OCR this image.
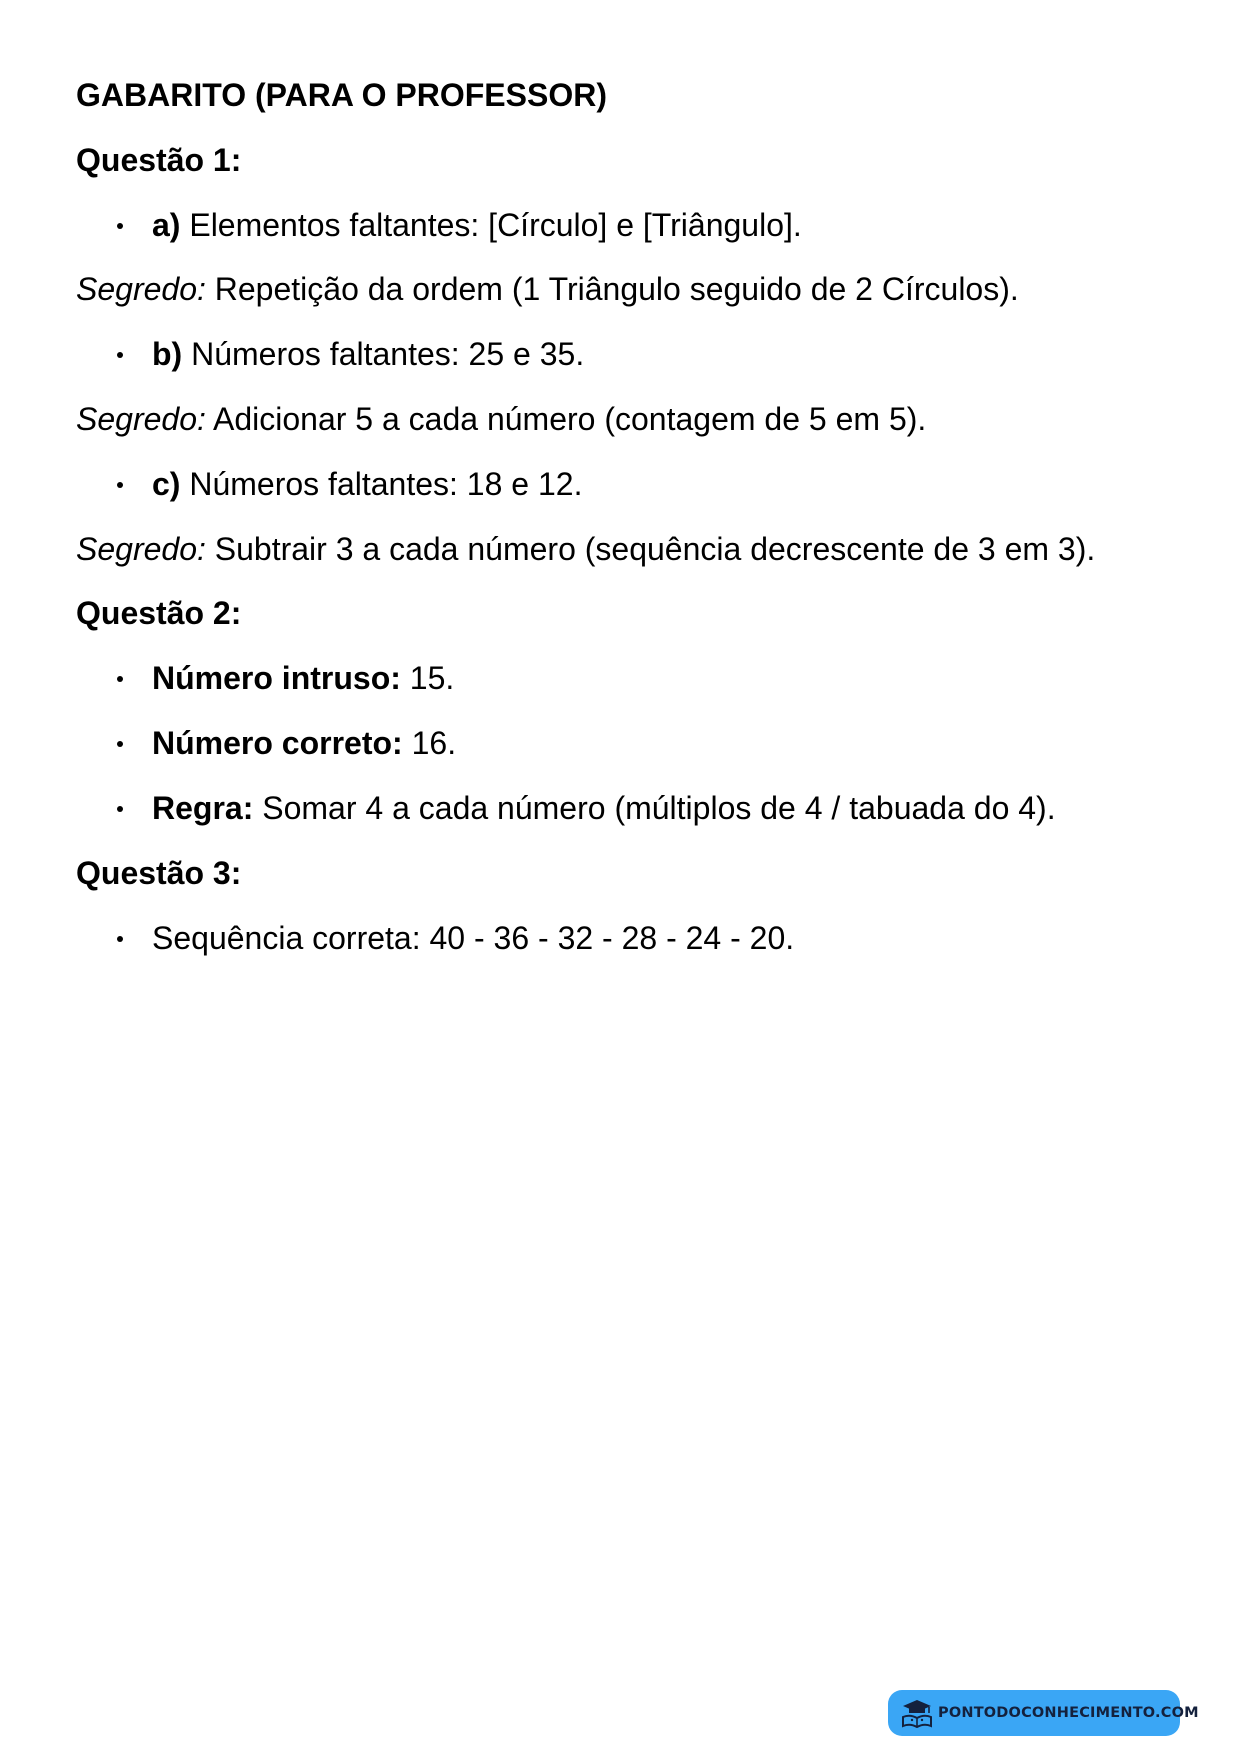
GABARITO (PARA O PROFESSOR)
Questão 1:
a) Elementos faltantes: [Círculo] e [Triângulo].
Segredo: Repetição da ordem (1 Triângulo seguido de 2 Círculos).
b) Números faltantes: 25 e 35.
Segredo: Adicionar 5 a cada número (contagem de 5 em 5).
c) Números faltantes: 18 e 12.
Segredo: Subtrair 3 a cada número (sequência decrescente de 3 em 3).
Questão 2:
Número intruso: 15.
Número correto: 16.
Regra: Somar 4 a cada número (múltiplos de 4 / tabuada do 4).
Questão 3:
Sequência correta: 40 - 36 - 32 - 28 - 24 - 20.
PONTODOCONHECIMENTO.COM
